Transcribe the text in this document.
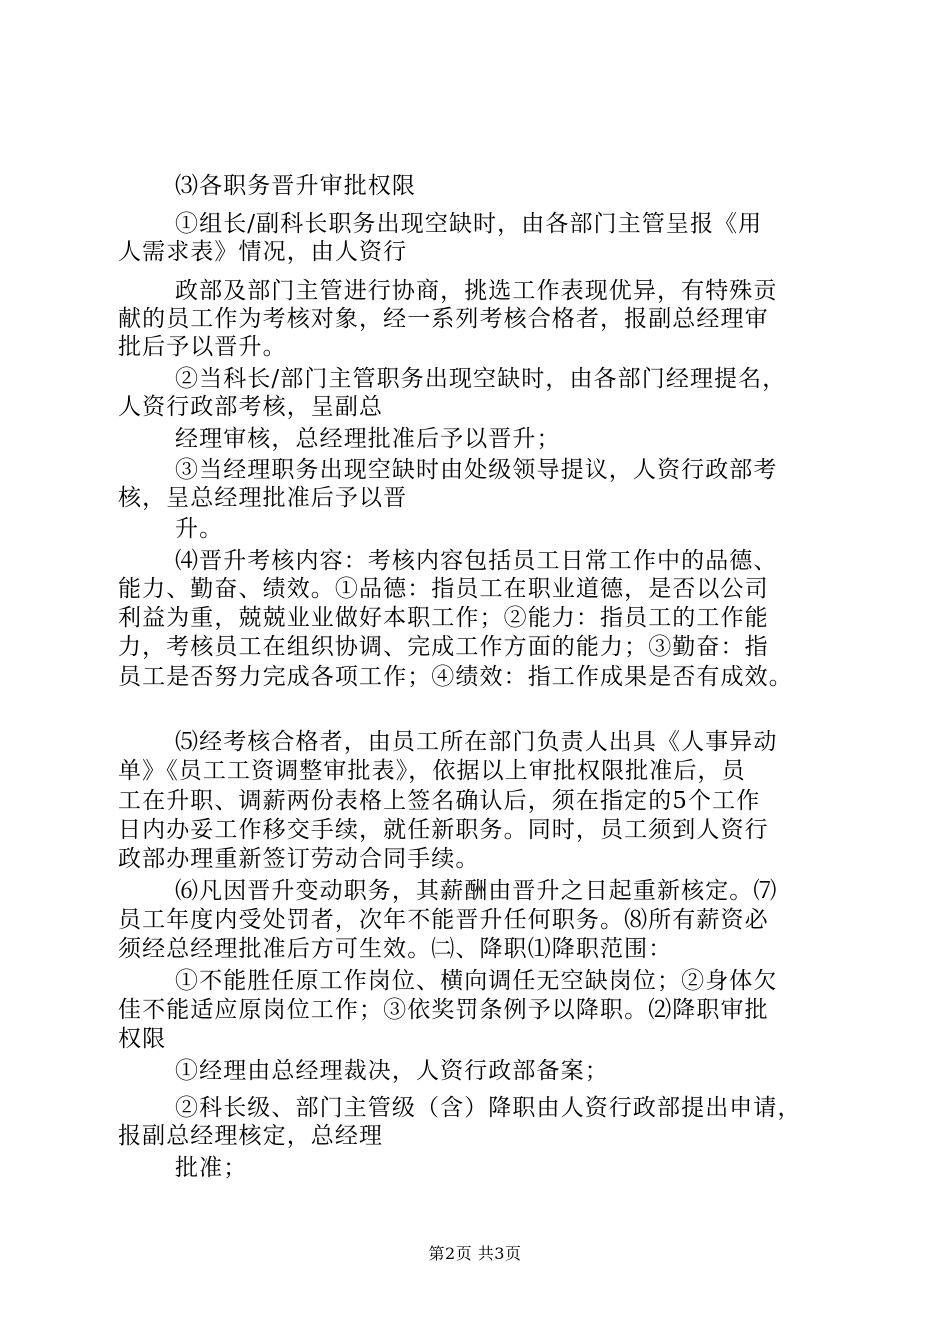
⑶各职务晋升审批权限
①组长/副科长职务出现空缺时，由各部门主管呈报《用
人需求表》情况，由人资行
政部及部门主管进行协商，挑选工作表现优异，有特殊贡
献的员工作为考核对象，经一系列考核合格者，报副总经理审
批后予以晋升。
②当科长/部门主管职务出现空缺时，由各部门经理提名，
人资行政部考核，呈副总
经理审核，总经理批准后予以晋升；
③当经理职务出现空缺时由处级领导提议，人资行政部考
核，呈总经理批准后予以晋
升。
⑷晋升考核内容：考核内容包括员工日常工作中的品德、
能力、勤奋、绩效。①品德：指员工在职业道德，是否以公司
利益为重，兢兢业业做好本职工作；②能力：指员工的工作能
力，考核员工在组织协调、完成工作方面的能力；③勤奋：指
员工是否努力完成各项工作；④绩效：指工作成果是否有成效。
⑸经考核合格者，由员工所在部门负责人出具《人事异动
单》《员工工资调整审批表》，依据以上审批权限批准后，员
工在升职、调薪两份表格上签名确认后，须在指定的5个工作
日内办妥工作移交手续，就任新职务。同时，员工须到人资行
政部办理重新签订劳动合同手续。
⑹凡因晋升变动职务，其薪酬由晋升之日起重新核定。⑺
员工年度内受处罚者，次年不能晋升任何职务。⑻所有薪资必
须经总经理批准后方可生效。㈡、降职⑴降职范围：
①不能胜任原工作岗位、横向调任无空缺岗位；②身体欠
佳不能适应原岗位工作；③依奖罚条例予以降职。⑵降职审批
权限
①经理由总经理裁决，人资行政部备案；
②科长级、部门主管级（含）降职由人资行政部提出申请，
报副总经理核定，总经理
批准；
第2页 共3页
